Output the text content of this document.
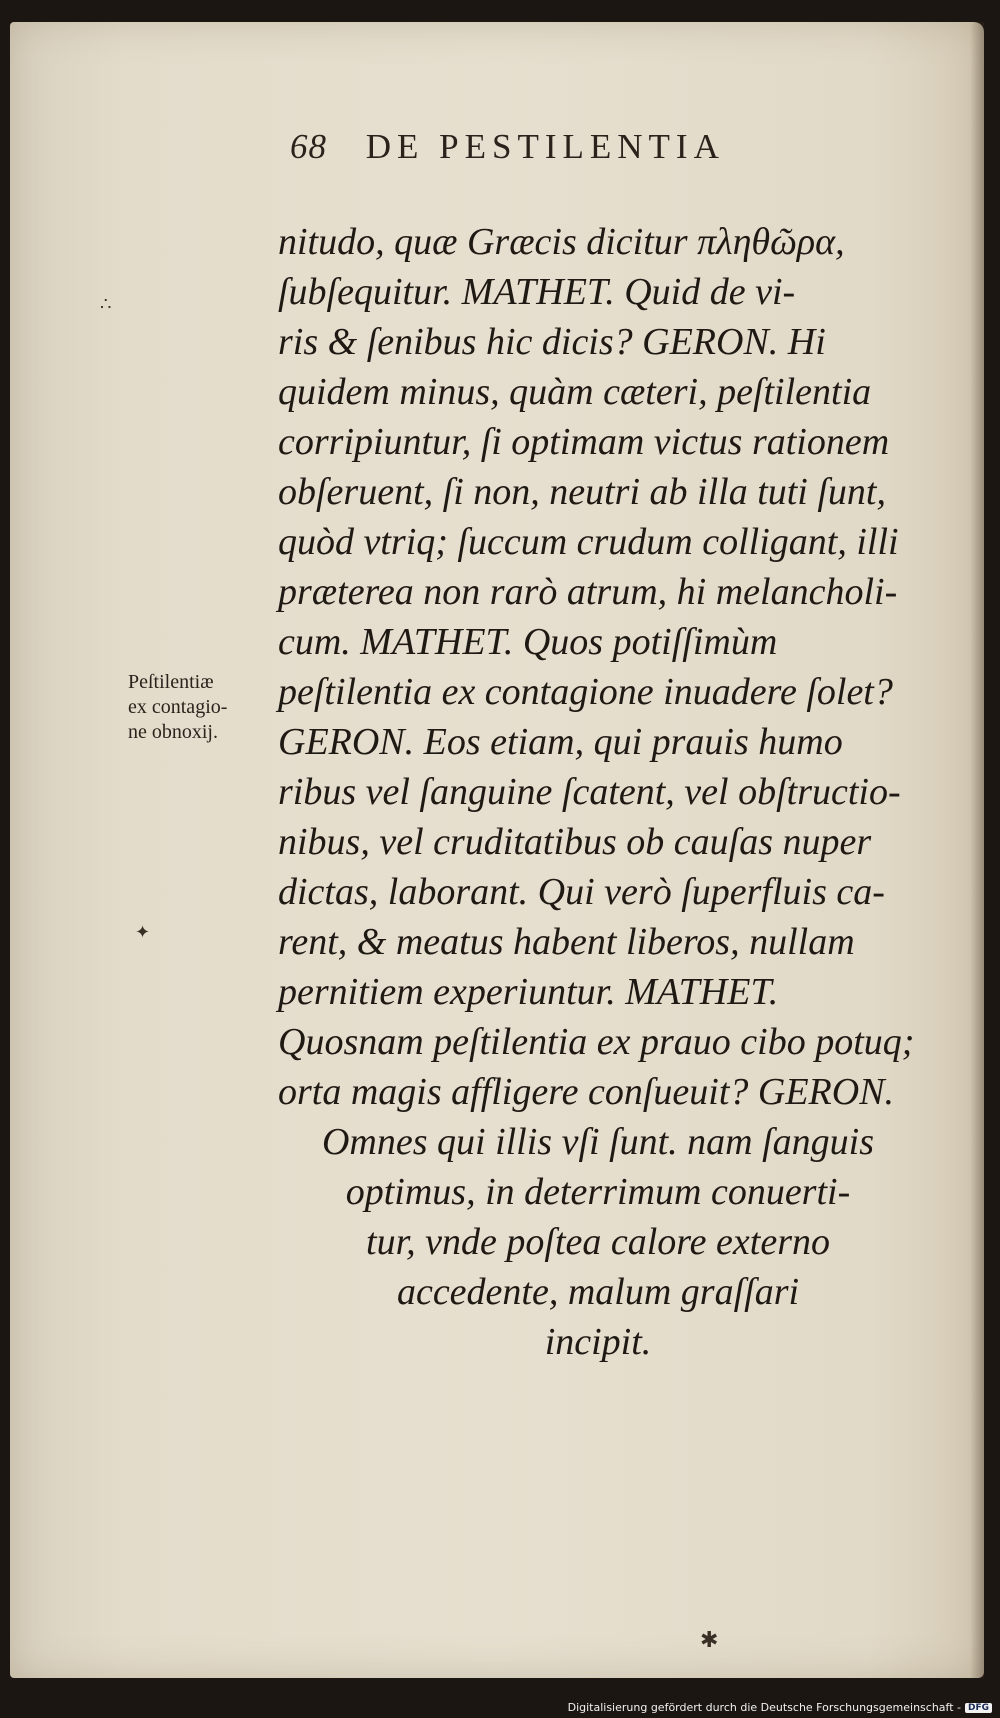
68 DE PESTILENTIA
Peſtilentiæ
ex contagio-
ne obnoxij.
∴
✦
nitudo, quæ Græcis dicitur πληθῶρα,
ſubſequitur. MATHET. Quid de vi-
ris & ſenibus hic dicis? GERON. Hi
quidem minus, quàm cæteri, peſtilentia
corripiuntur, ſi optimam victus rationem
obſeruent, ſi non, neutri ab illa tuti ſunt,
quòd vtriq; ſuccum crudum colligant, illi
præterea non rarò atrum, hi melancholi-
cum. MATHET. Quos potiſſimùm
peſtilentia ex contagione inuadere ſolet?
GERON. Eos etiam, qui prauis humo
ribus vel ſanguine ſcatent, vel obſtructio-
nibus, vel cruditatibus ob cauſas nuper
dictas, laborant. Qui verò ſuperfluis ca-
rent, & meatus habent liberos, nullam
pernitiem experiuntur. MATHET.
Quosnam peſtilentia ex prauo cibo potuq;
orta magis affligere conſueuit? GERON.
Omnes qui illis vſi ſunt. nam ſanguis
optimus, in deterrimum conuerti-
tur, vnde poſtea calore externo
accedente, malum graſſari
incipit.
✱
Digitalisierung gefördert durch die Deutsche Forschungsgemeinschaft - DFG
